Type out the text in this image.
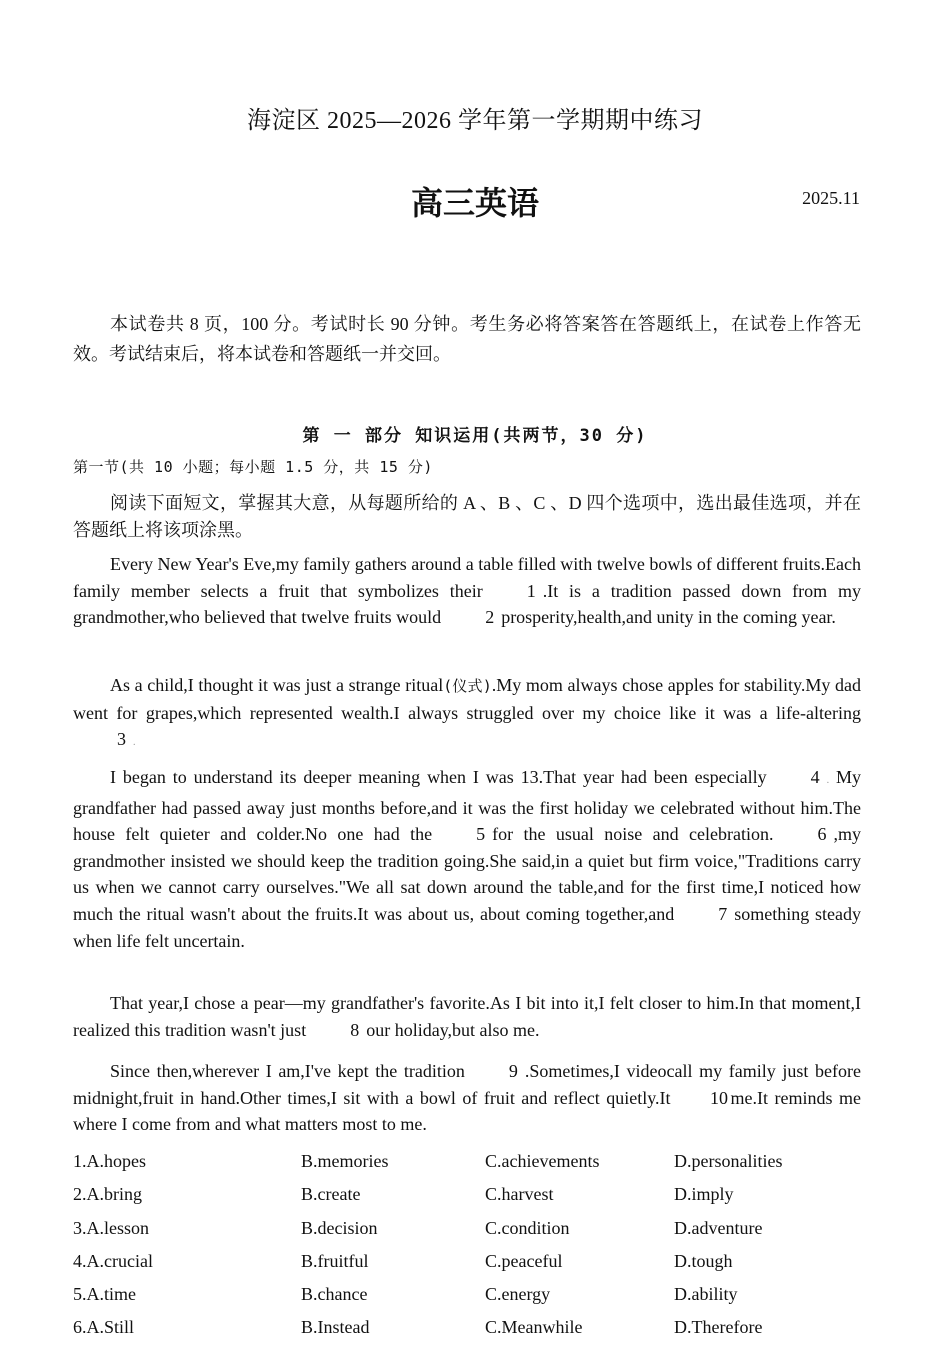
海淀区 2025—2026 学年第一学期期中练习
高三英语	2025.11
本试卷共 8 页，100 分。考试时长 90 分钟。考生务必将答案答在答题纸上，在试卷上作答无 效。考试结束后，将本试卷和答题纸一并交回。
第 一 部分 知识运用(共两节，30 分)
第一节(共 10 小题；每小题 1.5 分，共 15 分)
阅读下面短文，掌握其大意，从每题所给的 A 、B 、C 、D 四个选项中，选出最佳选项，并在 答题纸上将该项涂黑。

Every New Year's Eve,my family gathers around a table filled with twelve bowls of different fruits.Each family member selects a fruit that symbolizes their 1 .It is a tradition passed down from my grandmother,who believed that twelve fruits would 2 prosperity,health,and unity in the coming year.

As a child,I thought it was just a strange ritual(仪式).My mom always chose apples for stability.My dad went for grapes,which represented wealth.I always struggled over my choice like it was a life-altering3 .

I began to understand its deeper meaning when I was 13.That year had been especially 4 . My grandfather had passed away just months before,and it was the first holiday we celebrated without him.The house felt quieter and colder.No one had the 5 for the usual noise and celebration. 6 ,my grandmother insisted we should keep the tradition going.She said,in a quiet but firm voice,"Traditions carry us when we cannot carry ourselves."We all sat down around the table,and for the first time,I noticed how much the ritual wasn't about the fruits.It was about us, about coming together,and 7 something steady when life felt uncertain.

That year,I chose a pear—my grandfather's favorite.As I bit into it,I felt closer to him.In that moment,I realized this tradition wasn't just 8 our holiday,but also me.

Since then,wherever I am,I've kept the tradition 9 .Sometimes,I videocall my family just before midnight,fruit in hand.Other times,I sit with a bowl of fruit and reflect quietly.It 10 me.It reminds me where I come from and what matters most to me.

1.A.hopes	B.memories	C.achievements	D.personalities
2.A.bring	B.create	C.harvest	D.imply
3.A.lesson	B.decision	C.condition	D.adventure
4.A.crucial	B.fruitful	C.peaceful	D.tough
5.A.time	B.chance	C.energy	D.ability
6.A.Still	B.Instead	C.Meanwhile	D.Therefore
